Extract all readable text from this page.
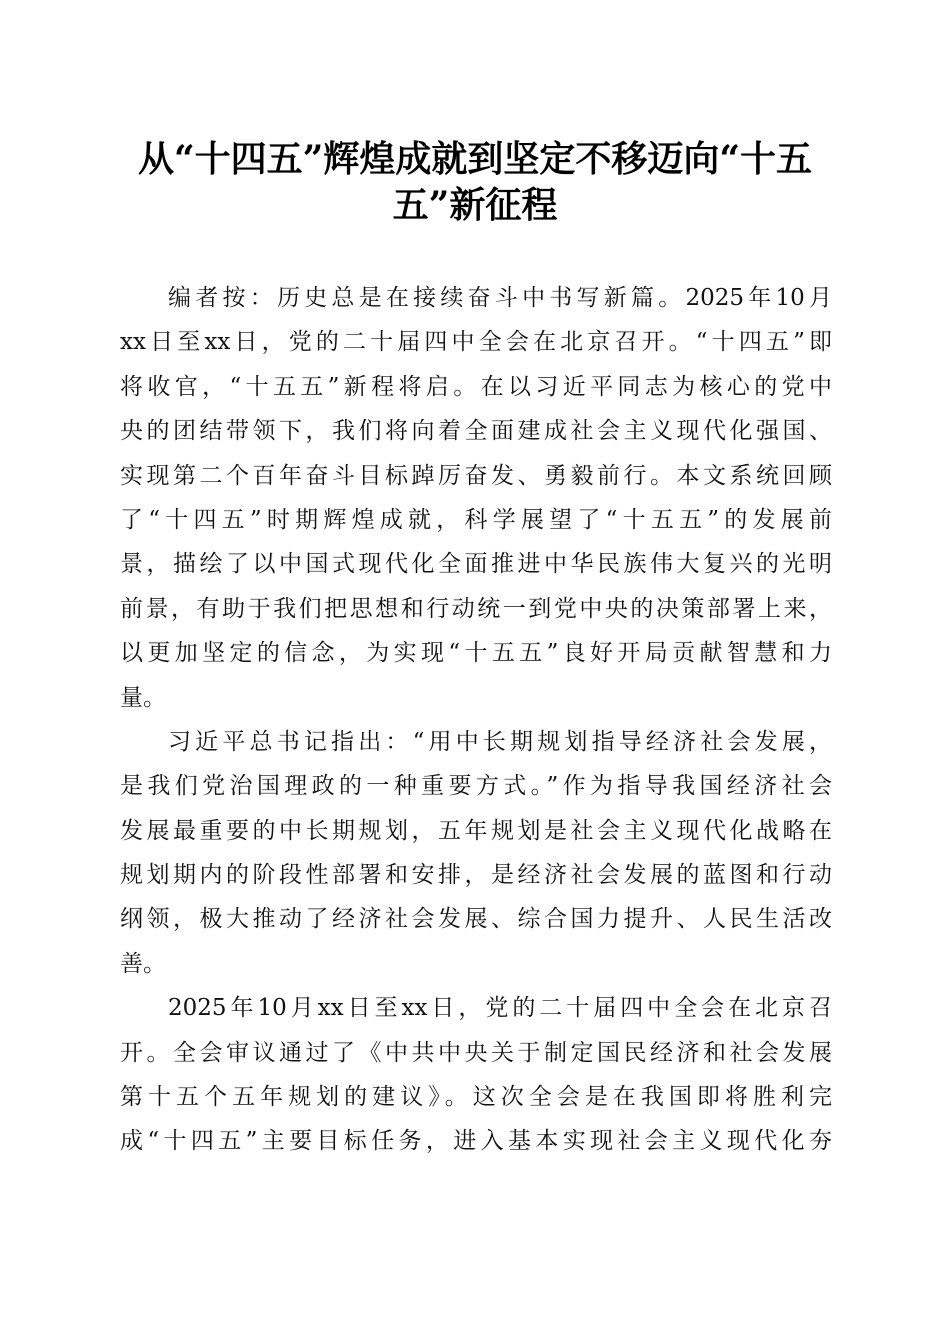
从“十四五”辉煌成就到坚定不移迈向“十五
五”新征程
编者按：历史总是在接续奋斗中书写新篇。2025年10月
xx日至xx日，党的二十届四中全会在北京召开。“十四五”即
将收官，“十五五”新程将启。在以习近平同志为核心的党中
央的团结带领下，我们将向着全面建成社会主义现代化强国、
实现第二个百年奋斗目标踔厉奋发、勇毅前行。本文系统回顾
了“十四五”时期辉煌成就，科学展望了“十五五”的发展前
景，描绘了以中国式现代化全面推进中华民族伟大复兴的光明
前景，有助于我们把思想和行动统一到党中央的决策部署上来，
以更加坚定的信念，为实现“十五五”良好开局贡献智慧和力
量。
习近平总书记指出：“用中长期规划指导经济社会发展，
是我们党治国理政的一种重要方式。”作为指导我国经济社会
发展最重要的中长期规划，五年规划是社会主义现代化战略在
规划期内的阶段性部署和安排，是经济社会发展的蓝图和行动
纲领，极大推动了经济社会发展、综合国力提升、人民生活改
善。
2025年10月xx日至xx日，党的二十届四中全会在北京召
开。全会审议通过了《中共中央关于制定国民经济和社会发展
第十五个五年规划的建议》。这次全会是在我国即将胜利完
成“十四五”主要目标任务，进入基本实现社会主义现代化夯
